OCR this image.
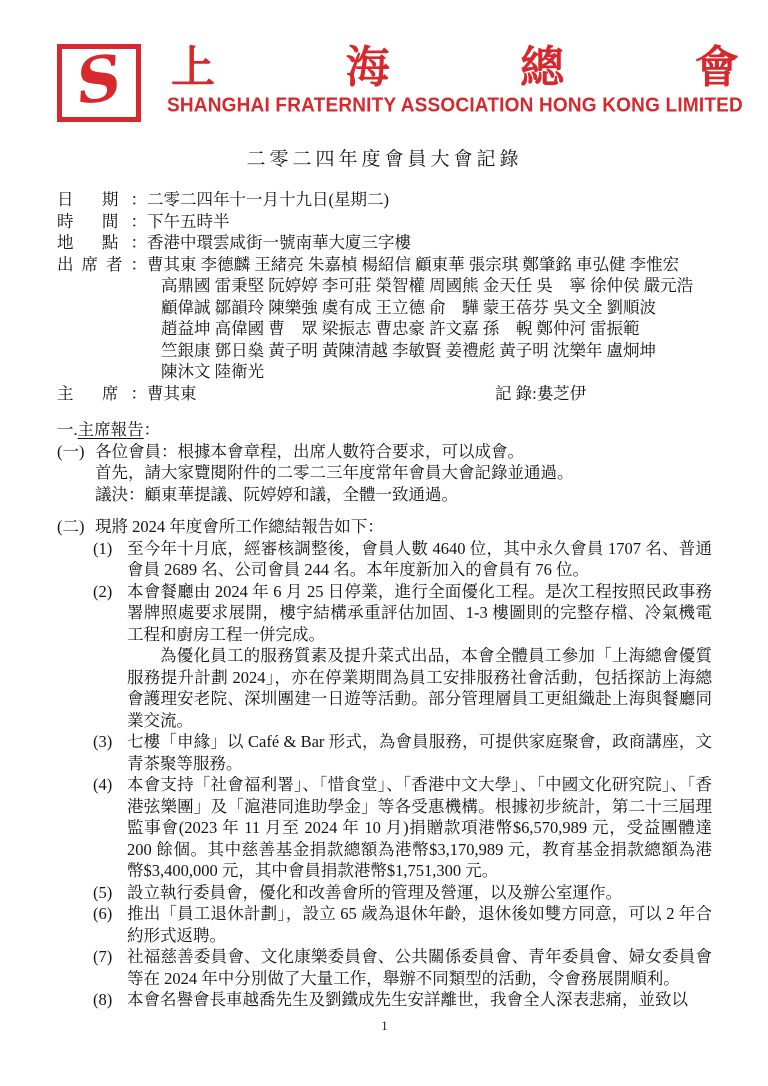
S 上	海	總	會
SHANGHAI FRATERNITY ASSOCIATION HONG KONG LIMITED
二零二四年度會員大會記錄
日 期： 二零二四年十一月十九日(星期二)
時 間： 下午五時半
地 點： 香港中環雲咸街一號南華大廈三字樓
出席者： 曹其東 李德麟 王緒亮 朱嘉楨 楊紹信 顧東華 張宗琪 鄭肇銘 車弘健 李惟宏
高鼎國 雷秉堅 阮婷婷 李可莊 榮智權 周國熊 金天任 吳　寧 徐仲侯 嚴元浩
顧偉誠 鄒韻玲 陳樂強 虞有成 王立德 俞　驊 蒙王蓓芬 吳文全 劉順波
趙益坤 高偉國 曹　眾 梁振志 曹忠豪 許文嘉 孫　輗 鄭仲河 雷振範
竺銀康 鄧日燊 黃子明 黃陳清越 李敏賢 姜禮彪 黃子明 沈樂年 盧炯坤
陳沐文 陸衛光
主 席： 曹其東	記 錄:婁芝伊
一.主席報告：
(一) 各位會員：根據本會章程，出席人數符合要求，可以成會。
首先，請大家覽閱附件的二零二三年度常年會員大會記錄並通過。
議決：顧東華提議、阮婷婷和議，全體一致通過。
(二) 現將 2024 年度會所工作總結報告如下：
(1) 至今年十月底，經審核調整後，會員人數 4640 位，其中永久會員 1707 名、普通會員 2689 名、公司會員 244 名。本年度新加入的會員有 76 位。

(2) 本會餐廳由 2024 年 6 月 25 日停業，進行全面優化工程。是次工程按照民政事務署牌照處要求展開，樓宇結構承重評估加固、1-3 樓圖則的完整存檔、冷氣機電工程和廚房工程一併完成。

為優化員工的服務質素及提升菜式出品，本會全體員工參加「上海總會優質服務提升計劃 2024」，亦在停業期間為員工安排服務社會活動，包括探訪上海總會護理安老院、深圳團建一日遊等活動。部分管理層員工更組織赴上海與餐廳同業交流。

(3) 七樓「申緣」以 Café & Bar 形式，為會員服務，可提供家庭聚會，政商講座，文青茶聚等服務。

(4) 本會支持「社會福利署」、「惜食堂」、「香港中文大學」、「中國文化研究院」、「香港弦樂團」及「滬港同進助學金」等各受惠機構。根據初步統計，第二十三屆理監事會(2023 年 11 月至 2024 年 10 月)捐贈款項港幣$6,570,989 元，受益團體達 200 餘個。其中慈善基金捐款總額為港幣$3,170,989 元，教育基金捐款總額為港幣$3,400,000 元，其中會員捐款港幣$1,751,300 元。

(5) 設立執行委員會，優化和改善會所的管理及營運，以及辦公室運作。

(6) 推出「員工退休計劃」，設立 65 歲為退休年齡，退休後如雙方同意，可以 2 年合約形式返聘。

(7) 社福慈善委員會、文化康樂委員會、公共關係委員會、青年委員會、婦女委員會等在 2024 年中分別做了大量工作，舉辦不同類型的活動，令會務展開順利。

(8) 本會名譽會長車越喬先生及劉鐵成先生安詳離世，我會全人深表悲痛，並致以

1
